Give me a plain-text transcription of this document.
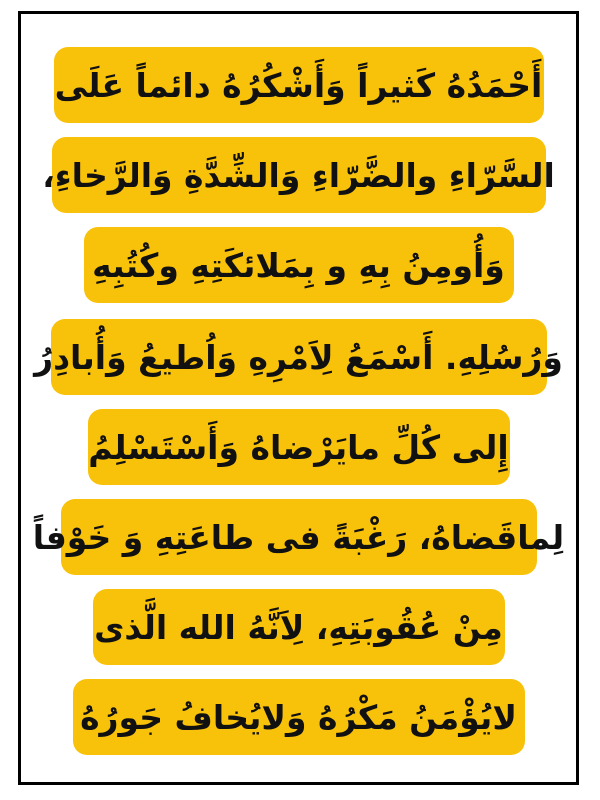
أَحْمَدُهُ كَثيراً وَأَشْكُرُهُ دائماً عَلَى
السَّرّاءِ والضَّرّاءِ وَالشِّدَّةِ وَالرَّخاءِ،
وَأُومِنُ بِهِ و بِمَلائكَتِهِ وكُتُبِهِ
وَرُسُلِهِ. أَسْمَعُ لِاَمْرِهِ وَاُطيعُ وَأُبادِرُ
إِلى كُلِّ مايَرْضاهُ وَأَسْتَسْلِمُ
لِماقَضاهُ، رَغْبَةً فى طاعَتِهِ وَ خَوْفاً
مِنْ عُقُوبَتِهِ، لِاَنَّهُ الله الَّذى
لايُؤْمَنُ مَكْرُهُ وَلايُخافُ جَورُهُ
